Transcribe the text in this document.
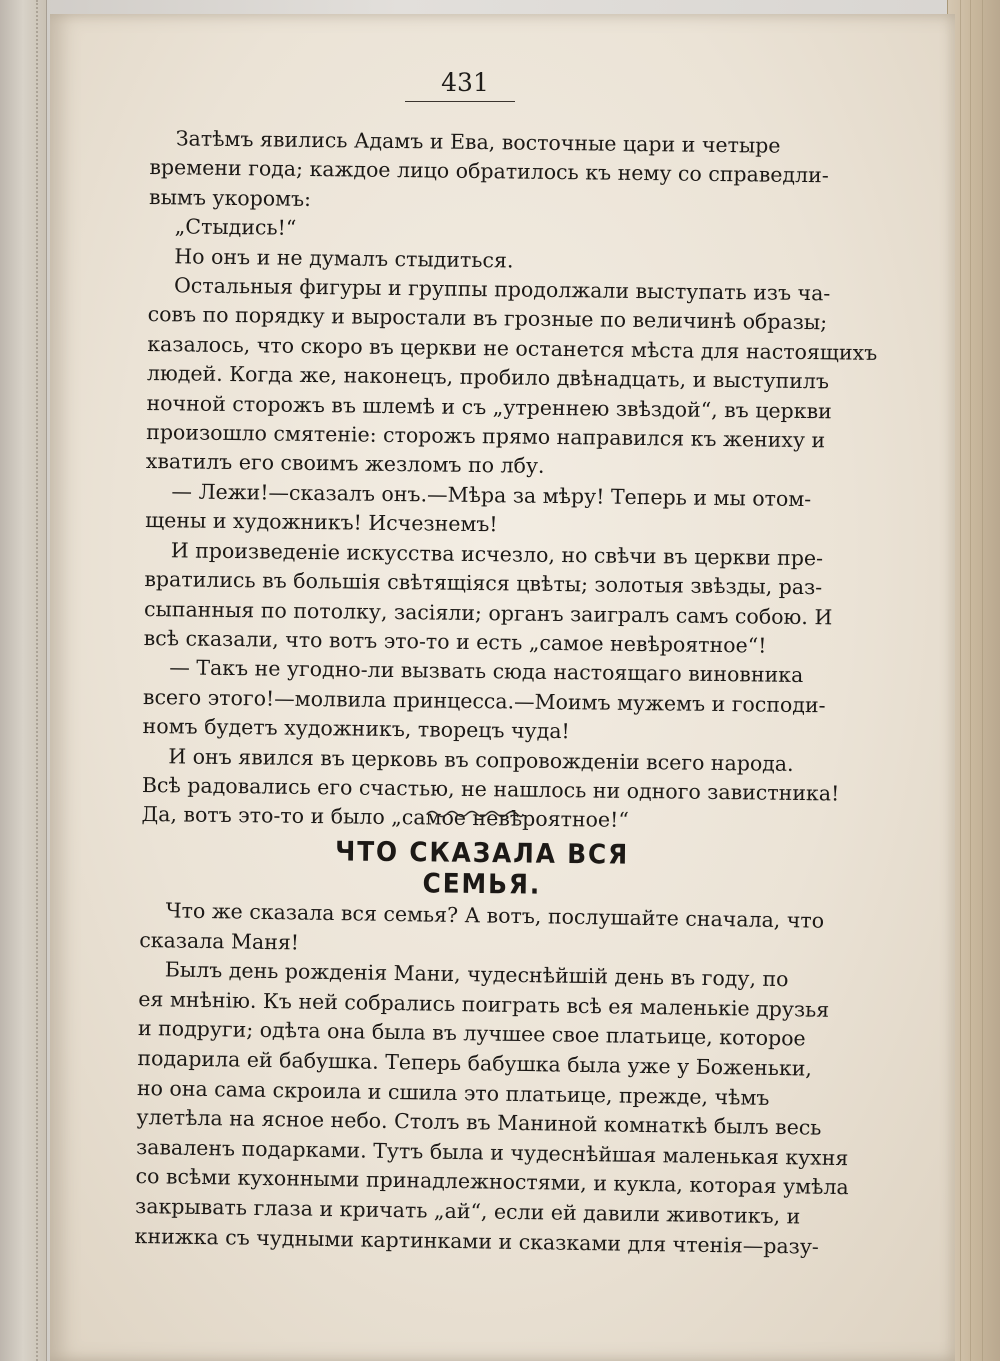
431

Затѣмъ явились Адамъ и Ева, восточные цари и четыре
времени года; каждое лицо обратилось къ нему со справедли-
вымъ укоромъ:

„Стыдись!“

Но онъ и не думалъ стыдиться.

Остальныя фигуры и группы продолжали выступать изъ ча-
совъ по порядку и выростали въ грозные по величинѣ образы;
казалось, что скоро въ церкви не останется мѣста для настоящихъ
людей. Когда же, наконецъ, пробило двѣнадцать, и выступилъ
ночной сторожъ въ шлемѣ и съ „утреннею звѣздой“, въ церкви
произошло смятеніе: сторожъ прямо направился къ жениху и
хватилъ его своимъ жезломъ по лбу.

— Лежи!—сказалъ онъ.—Мѣра за мѣру! Теперь и мы отом-
щены и художникъ! Исчезнемъ!

И произведеніе искусства исчезло, но свѣчи въ церкви пре-
вратились въ большія свѣтящіяся цвѣты; золотыя звѣзды, раз-
сыпанныя по потолку, засіяли; органъ заигралъ самъ собою. И
всѣ сказали, что вотъ это-то и есть „самое невѣроятное“!

— Такъ не угодно-ли вызвать сюда настоящаго виновника
всего этого!—молвила принцесса.—Моимъ мужемъ и господи-
номъ будетъ художникъ, творецъ чуда!

И онъ явился въ церковь въ сопровожденіи всего народа.
Всѣ радовались его счастью, не нашлось ни одного завистника!
Да, вотъ это-то и было „самое невѣроятное!“

ЧТО СКАЗАЛА ВСЯ СЕМЬЯ.

Что же сказала вся семья? А вотъ, послушайте сначала, что
сказала Маня!

Былъ день рожденія Мани, чудеснѣйшій день въ году, по
ея мнѣнію. Къ ней собрались поиграть всѣ ея маленькіе друзья
и подруги; одѣта она была въ лучшее свое платьице, которое
подарила ей бабушка. Теперь бабушка была уже у Боженьки,
но она сама скроила и сшила это платьице, прежде, чѣмъ
улетѣла на ясное небо. Столъ въ Маниной комнаткѣ былъ весь
заваленъ подарками. Тутъ была и чудеснѣйшая маленькая кухня
со всѣми кухонными принадлежностями, и кукла, которая умѣла
закрывать глаза и кричать „ай“, если ей давили животикъ, и
книжка съ чудными картинками и сказками для чтенія—разу-
